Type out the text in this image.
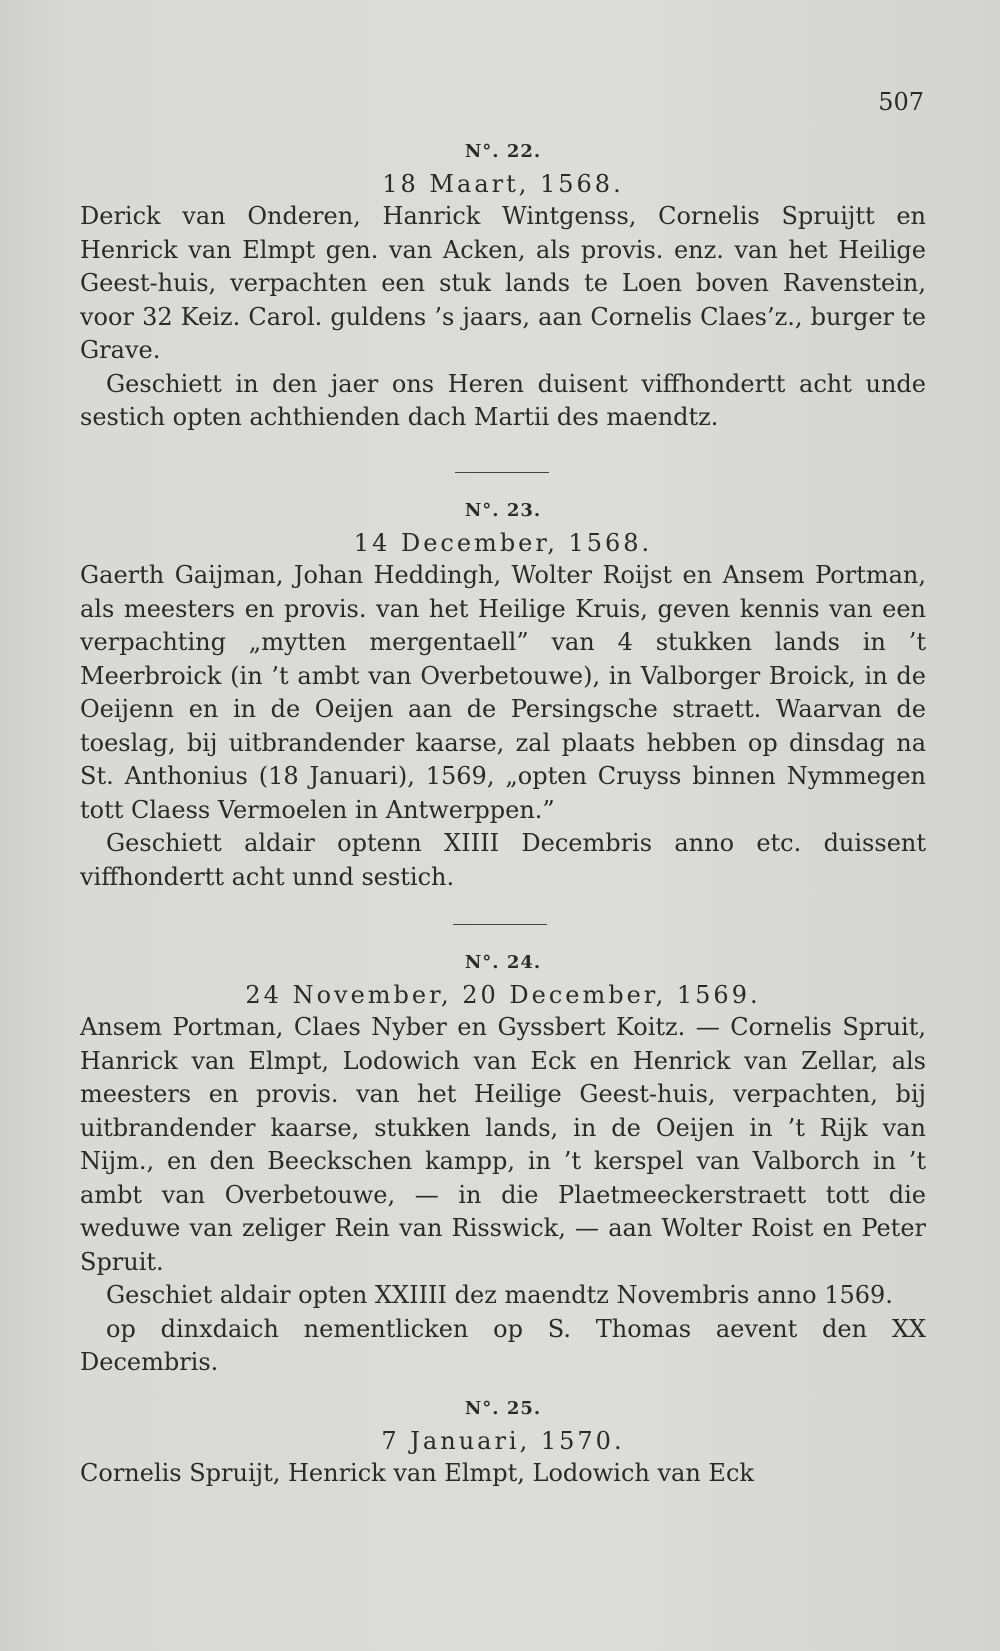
507
N°. 22.

18 Maart, 1568.

Derick van Onderen, Hanrick Wintgenss, Cornelis Spruijtt en Henrick van Elmpt gen. van Acken, als provis. enz. van het Heilige Geest-huis, verpachten een stuk lands te Loen boven Ravenstein, voor 32 Keiz. Carol. guldens ’s jaars, aan Cornelis Claes’z., burger te Grave.

Geschiett in den jaer ons Heren duisent viffhondertt acht unde sestich opten achthienden dach Martii des maendtz.

N°. 23.

14 December, 1568.

Gaerth Gaijman, Johan Heddingh, Wolter Roijst en Ansem Portman, als meesters en provis. van het Heilige Kruis, geven kennis van een verpachting „mytten mergentaell” van 4 stukken lands in ’t Meerbroick (in ’t ambt van Overbetouwe), in Valborger Broick, in de Oeijenn en in de Oeijen aan de Persingsche straett. Waarvan de toeslag, bij uitbrandender kaarse, zal plaats hebben op dinsdag na St. Anthonius (18 Januari), 1569, „opten Cruyss binnen Nymmegen tott Claess Vermoelen in Antwerppen.”

Geschiett aldair optenn XIIII Decembris anno etc. duissent viffhondertt acht unnd sestich.

N°. 24.

24 November, 20 December, 1569.

Ansem Portman, Claes Nyber en Gyssbert Koitz. — Cornelis Spruit, Hanrick van Elmpt, Lodowich van Eck en Henrick van Zellar, als meesters en provis. van het Heilige Geest-huis, verpachten, bij uitbrandender kaarse, stukken lands, in de Oeijen in ’t Rijk van Nijm., en den Beeckschen kampp, in ’t kerspel van Valborch in ’t ambt van Overbetouwe, — in die Plaetmeeckerstraett tott die weduwe van zeliger Rein van Risswick, — aan Wolter Roist en Peter Spruit.

Geschiet aldair opten XXIIII dez maendtz Novembris anno 1569.

op dinxdaich nementlicken op S. Thomas aevent den XX Decembris.

N°. 25.

7 Januari, 1570.

Cornelis Spruijt, Henrick van Elmpt, Lodowich van Eck
